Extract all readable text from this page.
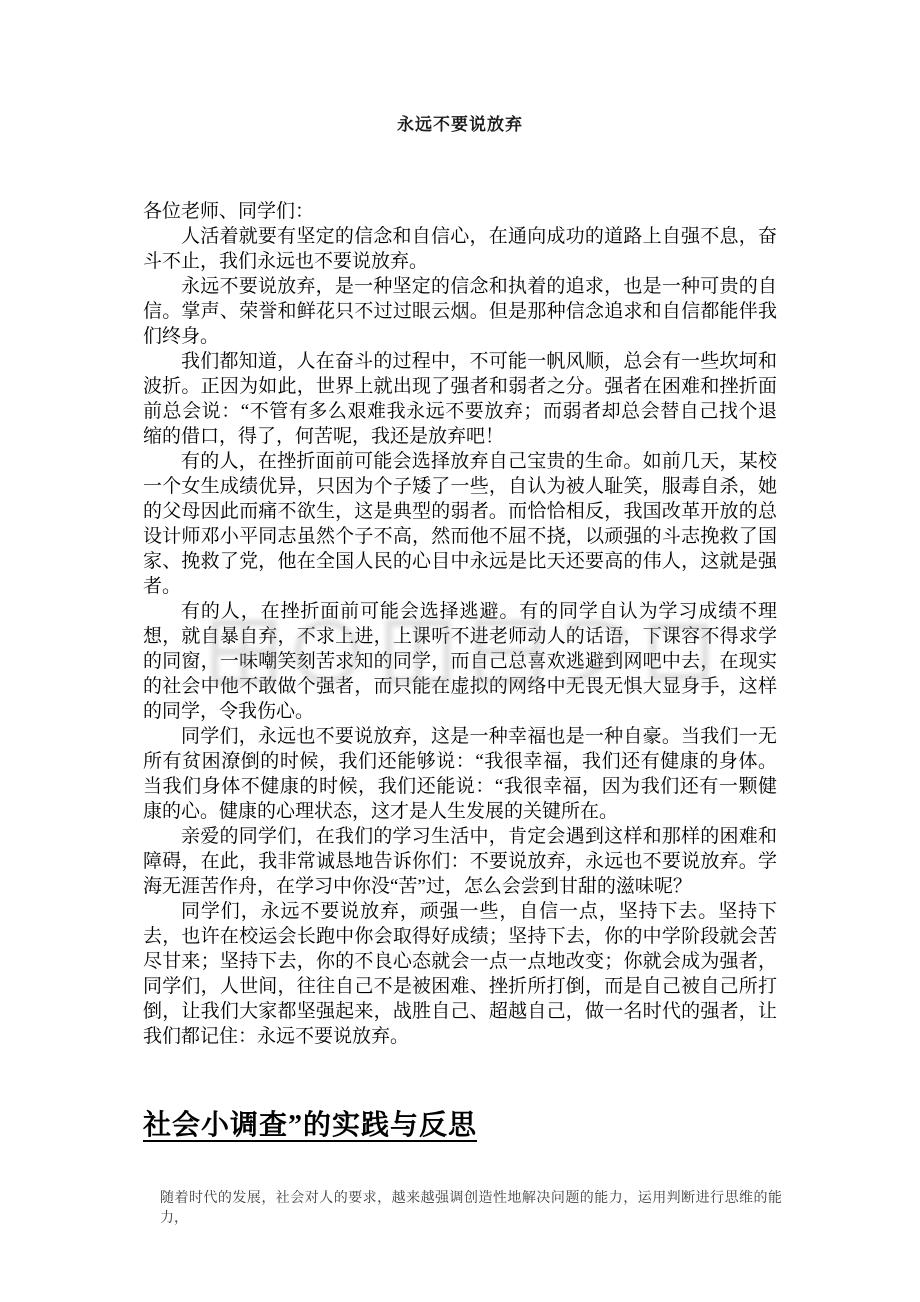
永远不要说放弃

各位老师、同学们：

人活着就要有坚定的信念和自信心，在通向成功的道路上自强不息，奋斗不止，我们永远也不要说放弃。

永远不要说放弃，是一种坚定的信念和执着的追求，也是一种可贵的自信。掌声、荣誉和鲜花只不过过眼云烟。但是那种信念追求和自信都能伴我们终身。

我们都知道，人在奋斗的过程中，不可能一帆风顺，总会有一些坎坷和波折。正因为如此，世界上就出现了强者和弱者之分。强者在困难和挫折面前总会说：“不管有多么艰难我永远不要放弃；而弱者却总会替自己找个退缩的借口，得了，何苦呢，我还是放弃吧！

有的人，在挫折面前可能会选择放弃自己宝贵的生命。如前几天，某校一个女生成绩优异，只因为个子矮了一些，自认为被人耻笑，服毒自杀，她的父母因此而痛不欲生，这是典型的弱者。而恰恰相反，我国改革开放的总设计师邓小平同志虽然个子不高，然而他不屈不挠，以顽强的斗志挽救了国家、挽救了党，他在全国人民的心目中永远是比天还要高的伟人，这就是强者。

有的人，在挫折面前可能会选择逃避。有的同学自认为学习成绩不理想，就自暴自弃，不求上进，上课听不进老师动人的话语，下课容不得求学的同窗，一味嘲笑刻苦求知的同学，而自己总喜欢逃避到网吧中去，在现实的社会中他不敢做个强者，而只能在虚拟的网络中无畏无惧大显身手，这样的同学，令我伤心。

同学们，永远也不要说放弃，这是一种幸福也是一种自豪。当我们一无所有贫困潦倒的时候，我们还能够说：“我很幸福，我们还有健康的身体。当我们身体不健康的时候，我们还能说：“我很幸福，因为我们还有一颗健康的心。健康的心理状态，这才是人生发展的关键所在。

亲爱的同学们，在我们的学习生活中，肯定会遇到这样和那样的困难和障碍，在此，我非常诚恳地告诉你们：不要说放弃，永远也不要说放弃。学海无涯苦作舟，在学习中你没“苦”过，怎么会尝到甘甜的滋味呢？

同学们，永远不要说放弃，顽强一些，自信一点，坚持下去。坚持下去，也许在校运会长跑中你会取得好成绩；坚持下去，你的中学阶段就会苦尽甘来；坚持下去，你的不良心态就会一点一点地改变；你就会成为强者，同学们，人世间，往往自己不是被困难、挫折所打倒，而是自己被自己所打倒，让我们大家都坚强起来，战胜自己、超越自己，做一名时代的强者，让我们都记住：永远不要说放弃。

社会小调查”的实践与反思

随着时代的发展，社会对人的要求，越来越强调创造性地解决问题的能力，运用判断进行思维的能力，
